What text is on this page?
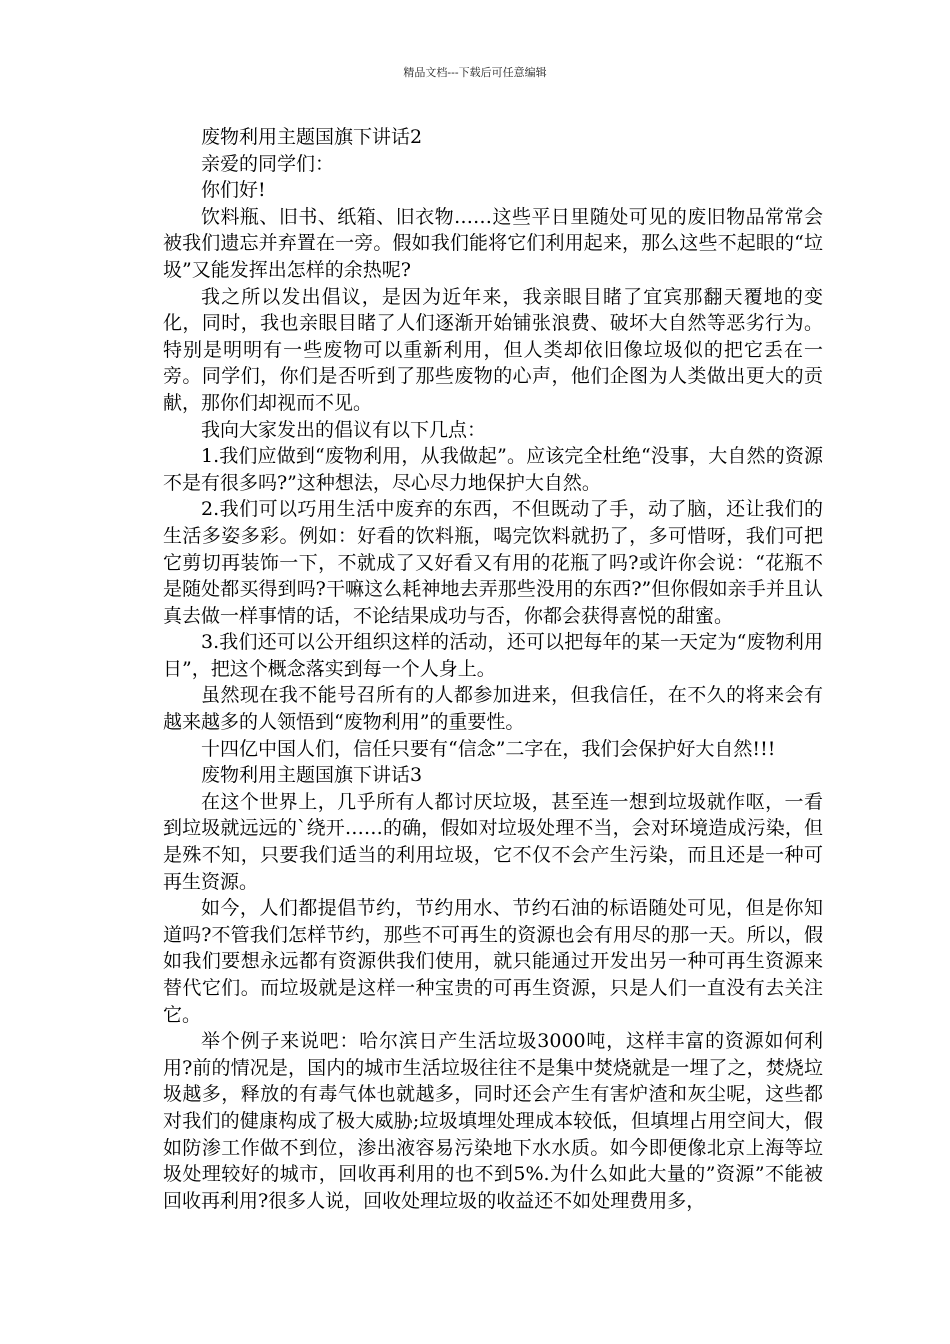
精品文档---下载后可任意编辑

废物利用主题国旗下讲话2

亲爱的同学们：

你们好!

饮料瓶、旧书、纸箱、旧衣物……这些平日里随处可见的废旧物品常常会被我们遗忘并弃置在一旁。假如我们能将它们利用起来，那么这些不起眼的“垃圾”又能发挥出怎样的余热呢?

我之所以发出倡议，是因为近年来，我亲眼目睹了宜宾那翻天覆地的变化，同时，我也亲眼目睹了人们逐渐开始铺张浪费、破坏大自然等恶劣行为。特别是明明有一些废物可以重新利用，但人类却依旧像垃圾似的把它丢在一旁。同学们，你们是否听到了那些废物的心声，他们企图为人类做出更大的贡献，那你们却视而不见。

我向大家发出的倡议有以下几点：

1.我们应做到“废物利用，从我做起”。应该完全杜绝“没事，大自然的资源不是有很多吗?”这种想法，尽心尽力地保护大自然。

2.我们可以巧用生活中废弃的东西，不但既动了手，动了脑，还让我们的生活多姿多彩。例如：好看的饮料瓶，喝完饮料就扔了，多可惜呀，我们可把它剪切再装饰一下，不就成了又好看又有用的花瓶了吗?或许你会说：“花瓶不是随处都买得到吗?干嘛这么耗神地去弄那些没用的东西?”但你假如亲手并且认真去做一样事情的话，不论结果成功与否，你都会获得喜悦的甜蜜。

3.我们还可以公开组织这样的活动，还可以把每年的某一天定为“废物利用日”，把这个概念落实到每一个人身上。

虽然现在我不能号召所有的人都参加进来，但我信任，在不久的将来会有越来越多的人领悟到“废物利用”的重要性。

十四亿中国人们，信任只要有“信念”二字在，我们会保护好大自然!!!

废物利用主题国旗下讲话3

在这个世界上，几乎所有人都讨厌垃圾，甚至连一想到垃圾就作呕，一看到垃圾就远远的`绕开……的确，假如对垃圾处理不当，会对环境造成污染，但是殊不知，只要我们适当的利用垃圾，它不仅不会产生污染，而且还是一种可再生资源。

如今，人们都提倡节约，节约用水、节约石油的标语随处可见，但是你知道吗?不管我们怎样节约，那些不可再生的资源也会有用尽的那一天。所以，假如我们要想永远都有资源供我们使用，就只能通过开发出另一种可再生资源来替代它们。而垃圾就是这样一种宝贵的可再生资源，只是人们一直没有去关注它。

举个例子来说吧：哈尔滨日产生活垃圾3000吨，这样丰富的资源如何利用?前的情况是，国内的城市生活垃圾往往不是集中焚烧就是一埋了之，焚烧垃圾越多，释放的有毒气体也就越多，同时还会产生有害炉渣和灰尘呢，这些都对我们的健康构成了极大威胁;垃圾填埋处理成本较低，但填埋占用空间大，假如防渗工作做不到位，渗出液容易污染地下水水质。如今即便像北京上海等垃圾处理较好的城市，回收再利用的也不到5%.为什么如此大量的”资源”不能被回收再利用?很多人说，回收处理垃圾的收益还不如处理费用多，
